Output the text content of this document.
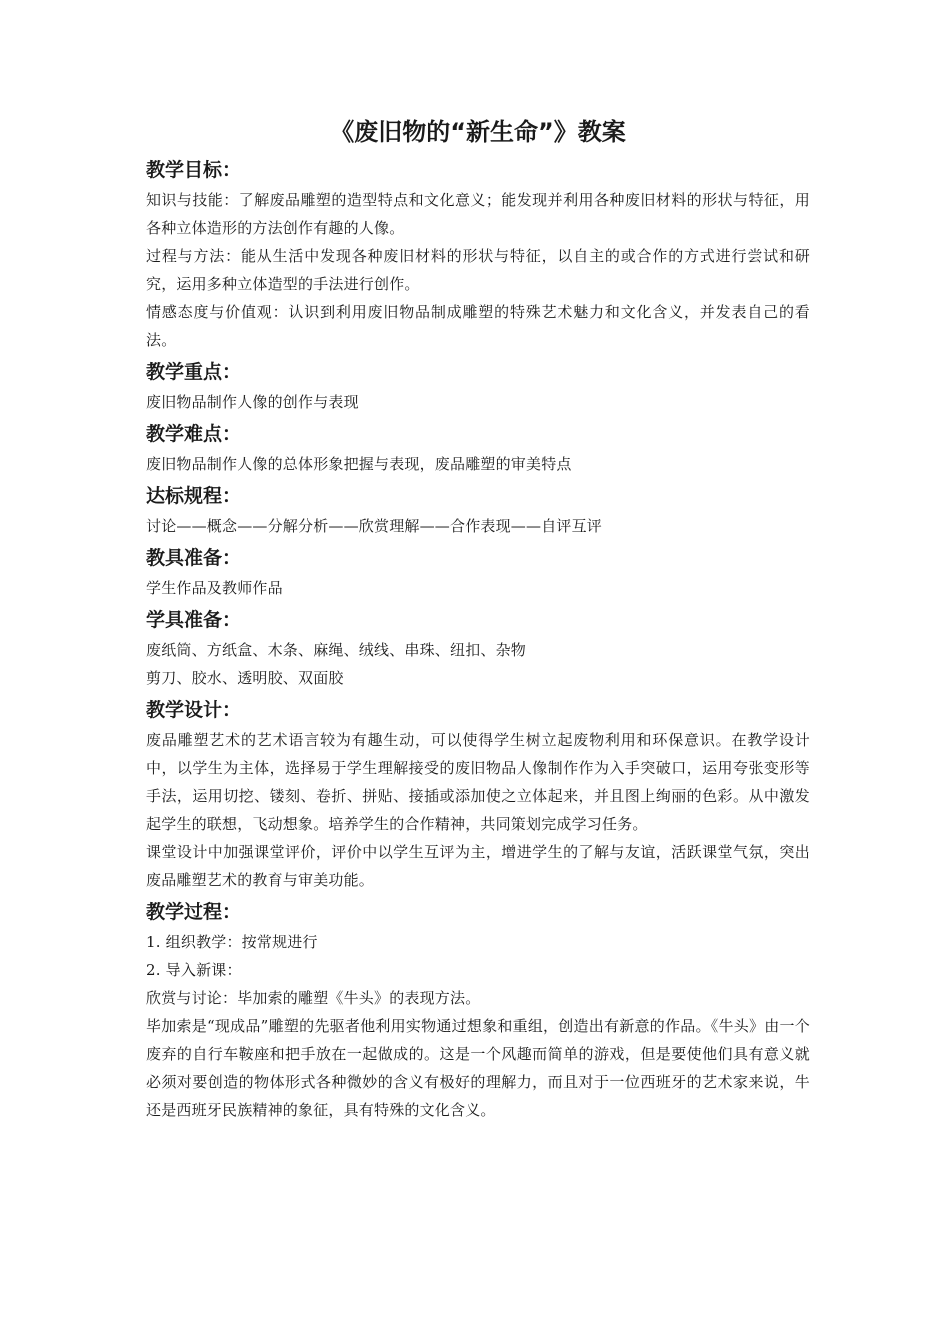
《废旧物的“新生命”》教案
教学目标：

知识与技能：了解废品雕塑的造型特点和文化意义；能发现并利用各种废旧材料的形状与特征，用各种立体造形的方法创作有趣的人像。

过程与方法：能从生活中发现各种废旧材料的形状与特征，以自主的或合作的方式进行尝试和研究，运用多种立体造型的手法进行创作。

情感态度与价值观：认识到利用废旧物品制成雕塑的特殊艺术魅力和文化含义，并发表自己的看法。

教学重点：

废旧物品制作人像的创作与表现

教学难点：

废旧物品制作人像的总体形象把握与表现，废品雕塑的审美特点

达标规程：

讨论——概念——分解分析——欣赏理解——合作表现——自评互评

教具准备：

学生作品及教师作品

学具准备：

废纸筒、方纸盒、木条、麻绳、绒线、串珠、纽扣、杂物

剪刀、胶水、透明胶、双面胶

教学设计：

废品雕塑艺术的艺术语言较为有趣生动，可以使得学生树立起废物利用和环保意识。在教学设计中，以学生为主体，选择易于学生理解接受的废旧物品人像制作作为入手突破口，运用夸张变形等手法，运用切挖、镂刻、卷折、拼贴、接插或添加使之立体起来，并且图上绚丽的色彩。从中激发起学生的联想，飞动想象。培养学生的合作精神，共同策划完成学习任务。

课堂设计中加强课堂评价，评价中以学生互评为主，增进学生的了解与友谊，活跃课堂气氛，突出废品雕塑艺术的教育与审美功能。

教学过程：

1. 组织教学：按常规进行

2. 导入新课：

欣赏与讨论：毕加索的雕塑《牛头》的表现方法。

毕加索是“现成品”雕塑的先驱者他利用实物通过想象和重组，创造出有新意的作品。《牛头》由一个废弃的自行车鞍座和把手放在一起做成的。这是一个风趣而简单的游戏，但是要使他们具有意义就必须对要创造的物体形式各种微妙的含义有极好的理解力，而且对于一位西班牙的艺术家来说，牛还是西班牙民族精神的象征，具有特殊的文化含义。
